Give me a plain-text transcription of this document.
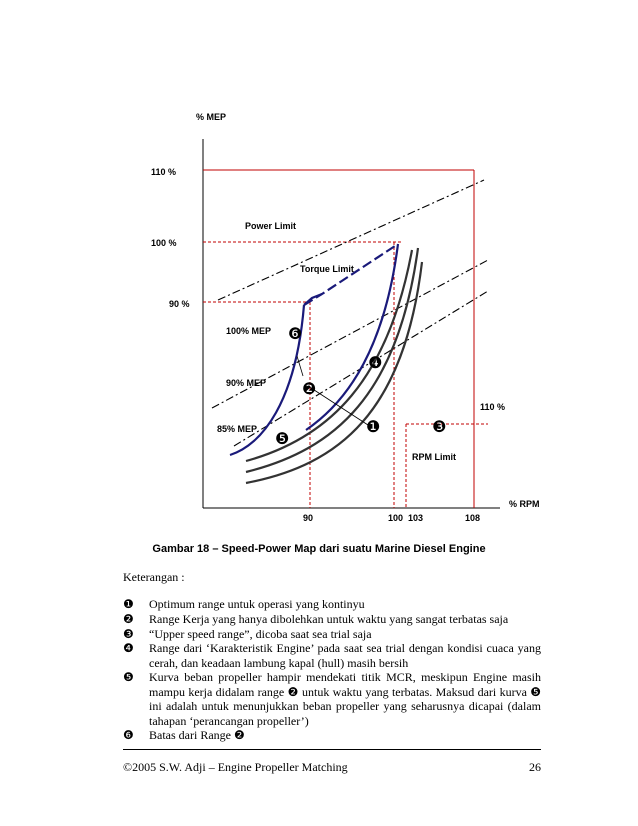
% MEP
% RPM
110 %
100 %
90 %
90	100 103	108
Power Limit
Torque Limit
100% MEP
90% MEP
85% MEP
RPM Limit
110 %
❶
❷
❸
❹
❺
❻
Gambar 18 – Speed-Power Map dari suatu Marine Diesel Engine
Keterangan :
❶	Optimum range untuk operasi yang kontinyu
❷	Range Kerja yang hanya dibolehkan untuk waktu yang sangat terbatas saja
❸	“Upper speed range”, dicoba saat sea trial saja
❹	Range dari ‘Karakteristik Engine’ pada saat sea trial dengan kondisi cuaca yang cerah, dan keadaan lambung kapal (hull) masih bersih
❺	Kurva beban propeller hampir mendekati titik MCR, meskipun Engine masih mampu kerja didalam range ❷ untuk waktu yang terbatas. Maksud dari kurva ❺ ini adalah untuk menunjukkan beban propeller yang seharusnya dicapai (dalam tahapan ‘perancangan propeller’)
❻	Batas dari Range ❷
©2005 S.W. Adji – Engine Propeller Matching	26
